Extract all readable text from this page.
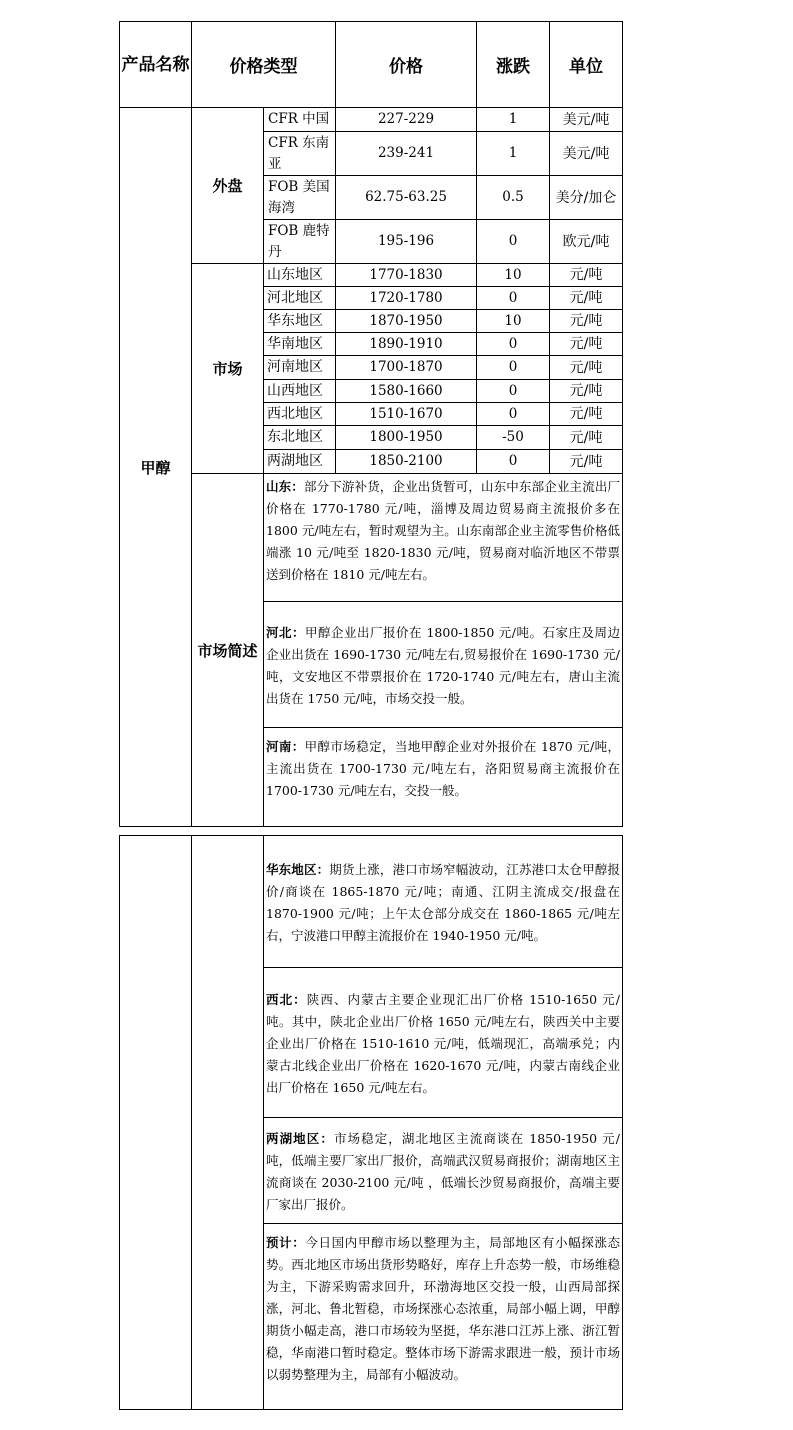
产品名称	价格类型		价格	涨跌	单位
甲醇	外盘	CFR 中国	227-229	1	美元/吨
		CFR 东南亚	239-241	1	美元/吨
		FOB 美国海湾	62.75-63.25	0.5	美分/加仑
		FOB 鹿特丹	195-196	0	欧元/吨
	市场	山东地区	1770-1830	10	元/吨
		河北地区	1720-1780	0	元/吨
		华东地区	1870-1950	10	元/吨
		华南地区	1890-1910	0	元/吨
		河南地区	1700-1870	0	元/吨
		山西地区	1580-1660	0	元/吨
		西北地区	1510-1670	0	元/吨
		东北地区	1800-1950	-50	元/吨
		两湖地区	1850-2100	0	元/吨
	市场简述	山东：部分下游补货，企业出货暂可，山东中东部企业主流出厂价格在 1770-1780 元/吨，淄博及周边贸易商主流报价多在 1800 元/吨左右，暂时观望为主。山东南部企业主流零售价格低端涨 10 元/吨至 1820-1830 元/吨，贸易商对临沂地区不带票送到价格在 1810 元/吨左右。			
		河北：甲醇企业出厂报价在 1800-1850 元/吨。石家庄及周边企业出货在 1690-1730 元/吨左右,贸易报价在 1690-1730 元/吨，文安地区不带票报价在 1720-1740 元/吨左右，唐山主流出货在 1750 元/吨，市场交投一般。			
		河南：甲醇市场稳定，当地甲醇企业对外报价在 1870 元/吨，主流出货在 1700-1730 元/吨左右，洛阳贸易商主流报价在 1700-1730 元/吨左右，交投一般。			
		华东地区：期货上涨，港口市场窄幅波动，江苏港口太仓甲醇报价/商谈在 1865-1870 元/吨；南通、江阴主流成交/报盘在 1870-1900 元/吨；上午太仓部分成交在 1860-1865 元/吨左右，宁波港口甲醇主流报价在 1940-1950 元/吨。
西北：陕西、内蒙古主要企业现汇出厂价格 1510-1650 元/吨。其中，陕北企业出厂价格 1650 元/吨左右，陕西关中主要企业出厂价格在 1510-1610 元/吨，低端现汇，高端承兑；内蒙古北线企业出厂价格在 1620-1670 元/吨，内蒙古南线企业出厂价格在 1650 元/吨左右。
两湖地区：市场稳定，湖北地区主流商谈在 1850-1950 元/吨，低端主要厂家出厂报价，高端武汉贸易商报价；湖南地区主流商谈在 2030-2100 元/吨 ，低端长沙贸易商报价，高端主要厂家出厂报价。
预计：今日国内甲醇市场以整理为主，局部地区有小幅探涨态势。西北地区市场出货形势略好，库存上升态势一般，市场维稳为主，下游采购需求回升，环渤海地区交投一般，山西局部探涨，河北、鲁北暂稳，市场探涨心态浓重，局部小幅上调，甲醇期货小幅走高，港口市场较为坚挺，华东港口江苏上涨、浙江暂稳，华南港口暂时稳定。整体市场下游需求跟进一般，预计市场以弱势整理为主，局部有小幅波动。
